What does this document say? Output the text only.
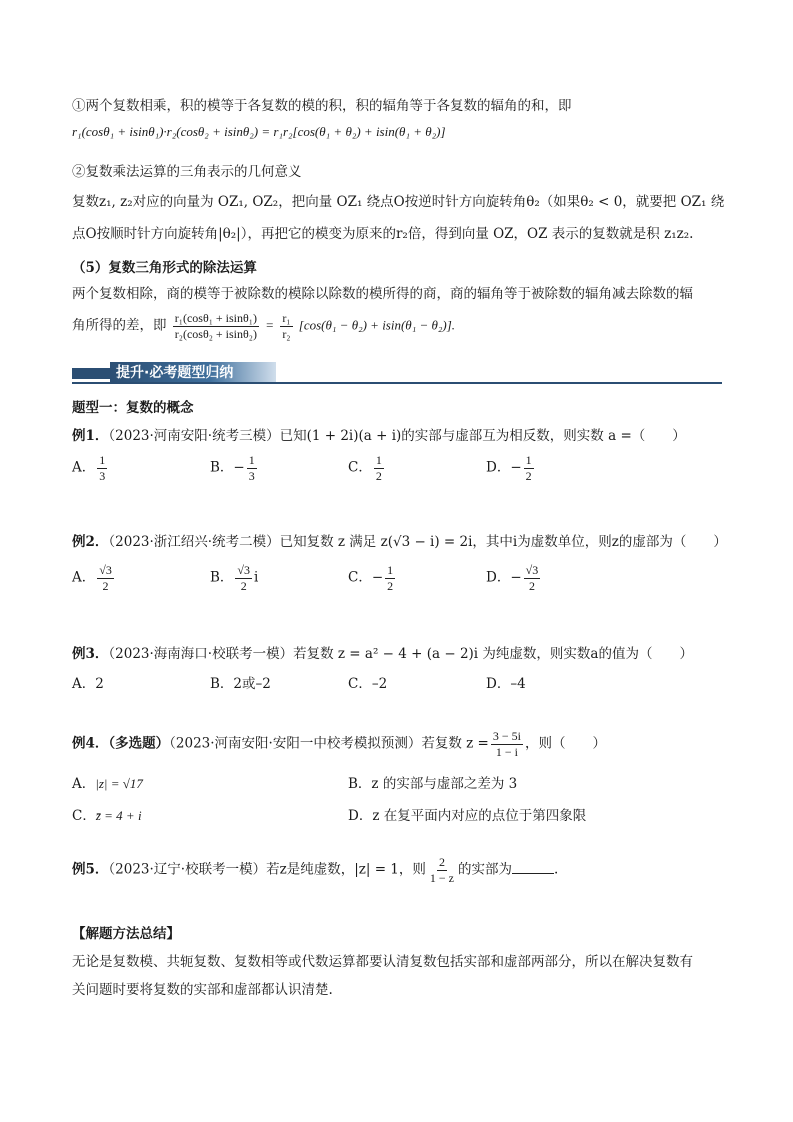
①两个复数相乘，积的模等于各复数的模的积，积的辐角等于各复数的辐角的和，即
r₁(cosθ₁ + isinθ₁)·r₂(cosθ₂ + isinθ₂) = r₁r₂[cos(θ₁ + θ₂) + isin(θ₁ + θ₂)]
②复数乘法运算的三角表示的几何意义
复数z₁, z₂对应的向量为 OZ₁, OZ₂，把向量 OZ₁ 绕点O按逆时针方向旋转角θ₂（如果θ₂ < 0，就要把 OZ₁ 绕
点O按顺时针方向旋转角|θ₂|），再把它的模变为原来的r₂倍，得到向量 OZ，OZ 表示的复数就是积 z₁z₂.
（5）复数三角形式的除法运算
两个复数相除，商的模等于被除数的模除以除数的模所得的商，商的辐角等于被除数的辐角减去除数的辐
角所得的差，即 $\frac{\text{r₁(cosθ₁ + isinθ₁)}}{\text{r₂(cosθ₂ + isinθ₂)}} = \frac{\text{r₁}}{\text{r₂}} [\cos(\theta_1 - \theta_2) + isin(\theta_1 - \theta_2)]$.
提升·必考题型归纳
题型一：复数的概念
例1．（2023·河南安阳·统考三模）已知(1 + 2i)(a + i)的实部与虚部互为相反数，则实数 a =（　　）
A． $\frac{1}{3}$	B．− $\frac{1}{3}$	C． $\frac{1}{2}$	D．− $\frac{1}{2}$
例2．（2023·浙江绍兴·统考二模）已知复数 z 满足 z(√3 − i) = 2i，其中i为虚数单位，则z的虚部为（　　）
A． $\frac{√3}{2}$	B． $\frac{√3}{2}$ i	C．− $\frac{1}{2}$	D．− $\frac{√3}{2}$
例3．（2023·海南海口·校联考一模）若复数 z = a² − 4 + (a − 2)i 为纯虚数，则实数a的值为（　　）
A．2	B．2或–2	C．–2	D．–4
例4．（多选题）（2023·河南安阳·安阳一中校考模拟预测）若复数 $z = \frac{3 - 5i}{1 - i}$ ，则（　　）
A．|z| = √17	B．z 的实部与虚部之差为 3
C．z̄ = 4 + i	D．z 在复平面内对应的点位于第四象限
例5．（2023·辽宁·校联考一模）若z是纯虚数，|z| = 1，则 $\frac{2}{1 - z}$ 的实部为	.
【解题方法总结】
无论是复数模、共轭复数、复数相等或代数运算都要认清复数包括实部和虚部两部分，所以在解决复数有
关问题时要将复数的实部和虚部都认识清楚.
